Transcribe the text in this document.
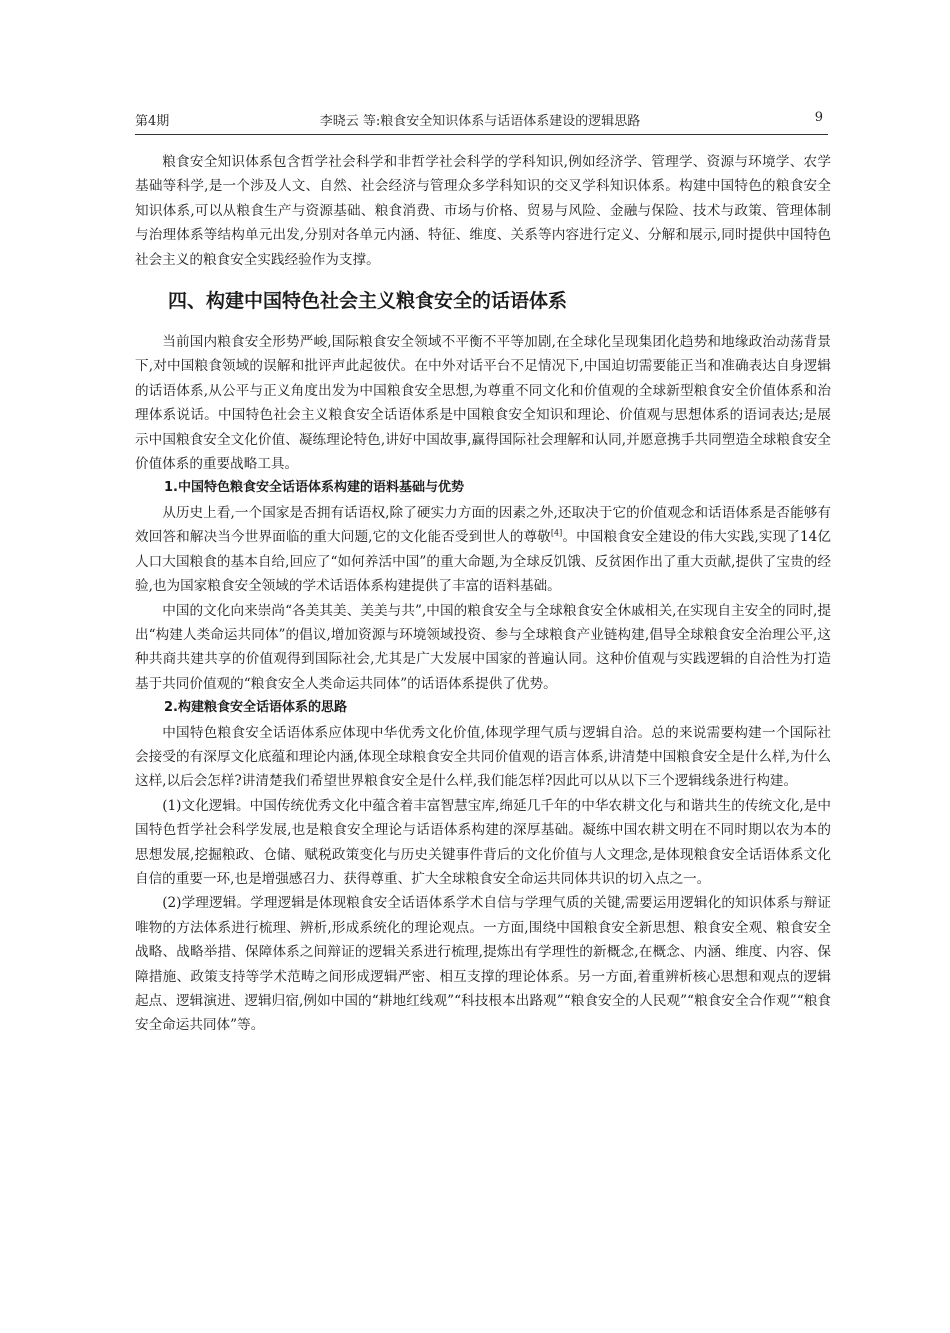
第4期	李晓云 等:粮食安全知识体系与话语体系建设的逻辑思路	9

粮食安全知识体系包含哲学社会科学和非哲学社会科学的学科知识,例如经济学、管理学、资源与环境学、农学基础等科学,是一个涉及人文、自然、社会经济与管理众多学科知识的交叉学科知识体系。构建中国特色的粮食安全知识体系,可以从粮食生产与资源基础、粮食消费、市场与价格、贸易与风险、金融与保险、技术与政策、管理体制与治理体系等结构单元出发,分别对各单元内涵、特征、维度、关系等内容进行定义、分解和展示,同时提供中国特色社会主义的粮食安全实践经验作为支撑。

四、构建中国特色社会主义粮食安全的话语体系

当前国内粮食安全形势严峻,国际粮食安全领域不平衡不平等加剧,在全球化呈现集团化趋势和地缘政治动荡背景下,对中国粮食领域的误解和批评声此起彼伏。在中外对话平台不足情况下,中国迫切需要能正当和准确表达自身逻辑的话语体系,从公平与正义角度出发为中国粮食安全思想,为尊重不同文化和价值观的全球新型粮食安全价值体系和治理体系说话。中国特色社会主义粮食安全话语体系是中国粮食安全知识和理论、价值观与思想体系的语词表达;是展示中国粮食安全文化价值、凝练理论特色,讲好中国故事,赢得国际社会理解和认同,并愿意携手共同塑造全球粮食安全价值体系的重要战略工具。

1.中国特色粮食安全话语体系构建的语料基础与优势

从历史上看,一个国家是否拥有话语权,除了硬实力方面的因素之外,还取决于它的价值观念和话语体系是否能够有效回答和解决当今世界面临的重大问题,它的文化能否受到世人的尊敬[4]。中国粮食安全建设的伟大实践,实现了14亿人口大国粮食的基本自给,回应了“如何养活中国”的重大命题,为全球反饥饿、反贫困作出了重大贡献,提供了宝贵的经验,也为国家粮食安全领域的学术话语体系构建提供了丰富的语料基础。

中国的文化向来崇尚“各美其美、美美与共”,中国的粮食安全与全球粮食安全休戚相关,在实现自主安全的同时,提出“构建人类命运共同体”的倡议,增加资源与环境领域投资、参与全球粮食产业链构建,倡导全球粮食安全治理公平,这种共商共建共享的价值观得到国际社会,尤其是广大发展中国家的普遍认同。这种价值观与实践逻辑的自洽性为打造基于共同价值观的“粮食安全人类命运共同体”的话语体系提供了优势。

2.构建粮食安全话语体系的思路

中国特色粮食安全话语体系应体现中华优秀文化价值,体现学理气质与逻辑自洽。总的来说需要构建一个国际社会接受的有深厚文化底蕴和理论内涵,体现全球粮食安全共同价值观的语言体系,讲清楚中国粮食安全是什么样,为什么这样,以后会怎样?讲清楚我们希望世界粮食安全是什么样,我们能怎样?因此可以从以下三个逻辑线条进行构建。

(1)文化逻辑。中国传统优秀文化中蕴含着丰富智慧宝库,绵延几千年的中华农耕文化与和谐共生的传统文化,是中国特色哲学社会科学发展,也是粮食安全理论与话语体系构建的深厚基础。凝练中国农耕文明在不同时期以农为本的思想发展,挖掘粮政、仓储、赋税政策变化与历史关键事件背后的文化价值与人文理念,是体现粮食安全话语体系文化自信的重要一环,也是增强感召力、获得尊重、扩大全球粮食安全命运共同体共识的切入点之一。

(2)学理逻辑。学理逻辑是体现粮食安全话语体系学术自信与学理气质的关键,需要运用逻辑化的知识体系与辩证唯物的方法体系进行梳理、辨析,形成系统化的理论观点。一方面,围绕中国粮食安全新思想、粮食安全观、粮食安全战略、战略举措、保障体系之间辩证的逻辑关系进行梳理,提炼出有学理性的新概念,在概念、内涵、维度、内容、保障措施、政策支持等学术范畴之间形成逻辑严密、相互支撑的理论体系。另一方面,着重辨析核心思想和观点的逻辑起点、逻辑演进、逻辑归宿,例如中国的“耕地红线观”“科技根本出路观”“粮食安全的人民观”“粮食安全合作观”“粮食安全命运共同体”等。
